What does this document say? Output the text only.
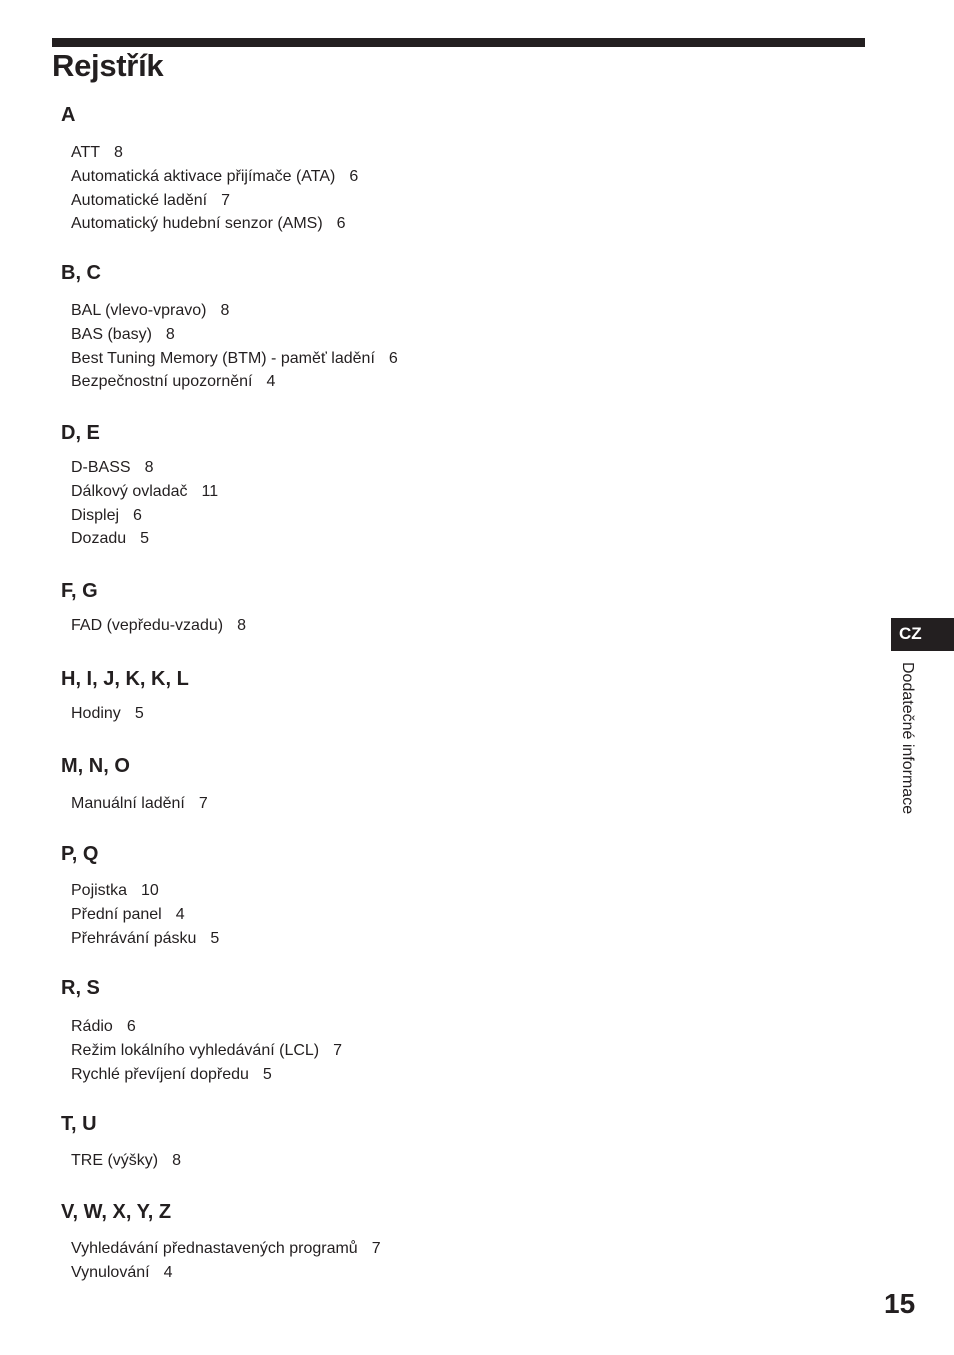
Rejstřík
A
ATT 8
Automatická aktivace přijímače (ATA) 6
Automatické ladění 7
Automatický hudební senzor (AMS) 6
B, C
BAL (vlevo-vpravo) 8
BAS (basy) 8
Best Tuning Memory (BTM) - paměť ladění 6
Bezpečnostní upozornění 4
D, E
D-BASS 8
Dálkový ovladač 11
Displej 6
Dozadu 5
F, G
FAD (vepředu-vzadu) 8
H, I, J, K, K, L
Hodiny 5
M, N, O
Manuální ladění 7
P, Q
Pojistka 10
Přední panel 4
Přehrávání pásku 5
R, S
Rádio 6
Režim lokálního vyhledávání (LCL) 7
Rychlé převíjení dopředu 5
T, U
TRE (výšky) 8
V, W, X, Y, Z
Vyhledávání přednastavených programů 7
Vynulování 4
CZ
Dodatečné informace
15
